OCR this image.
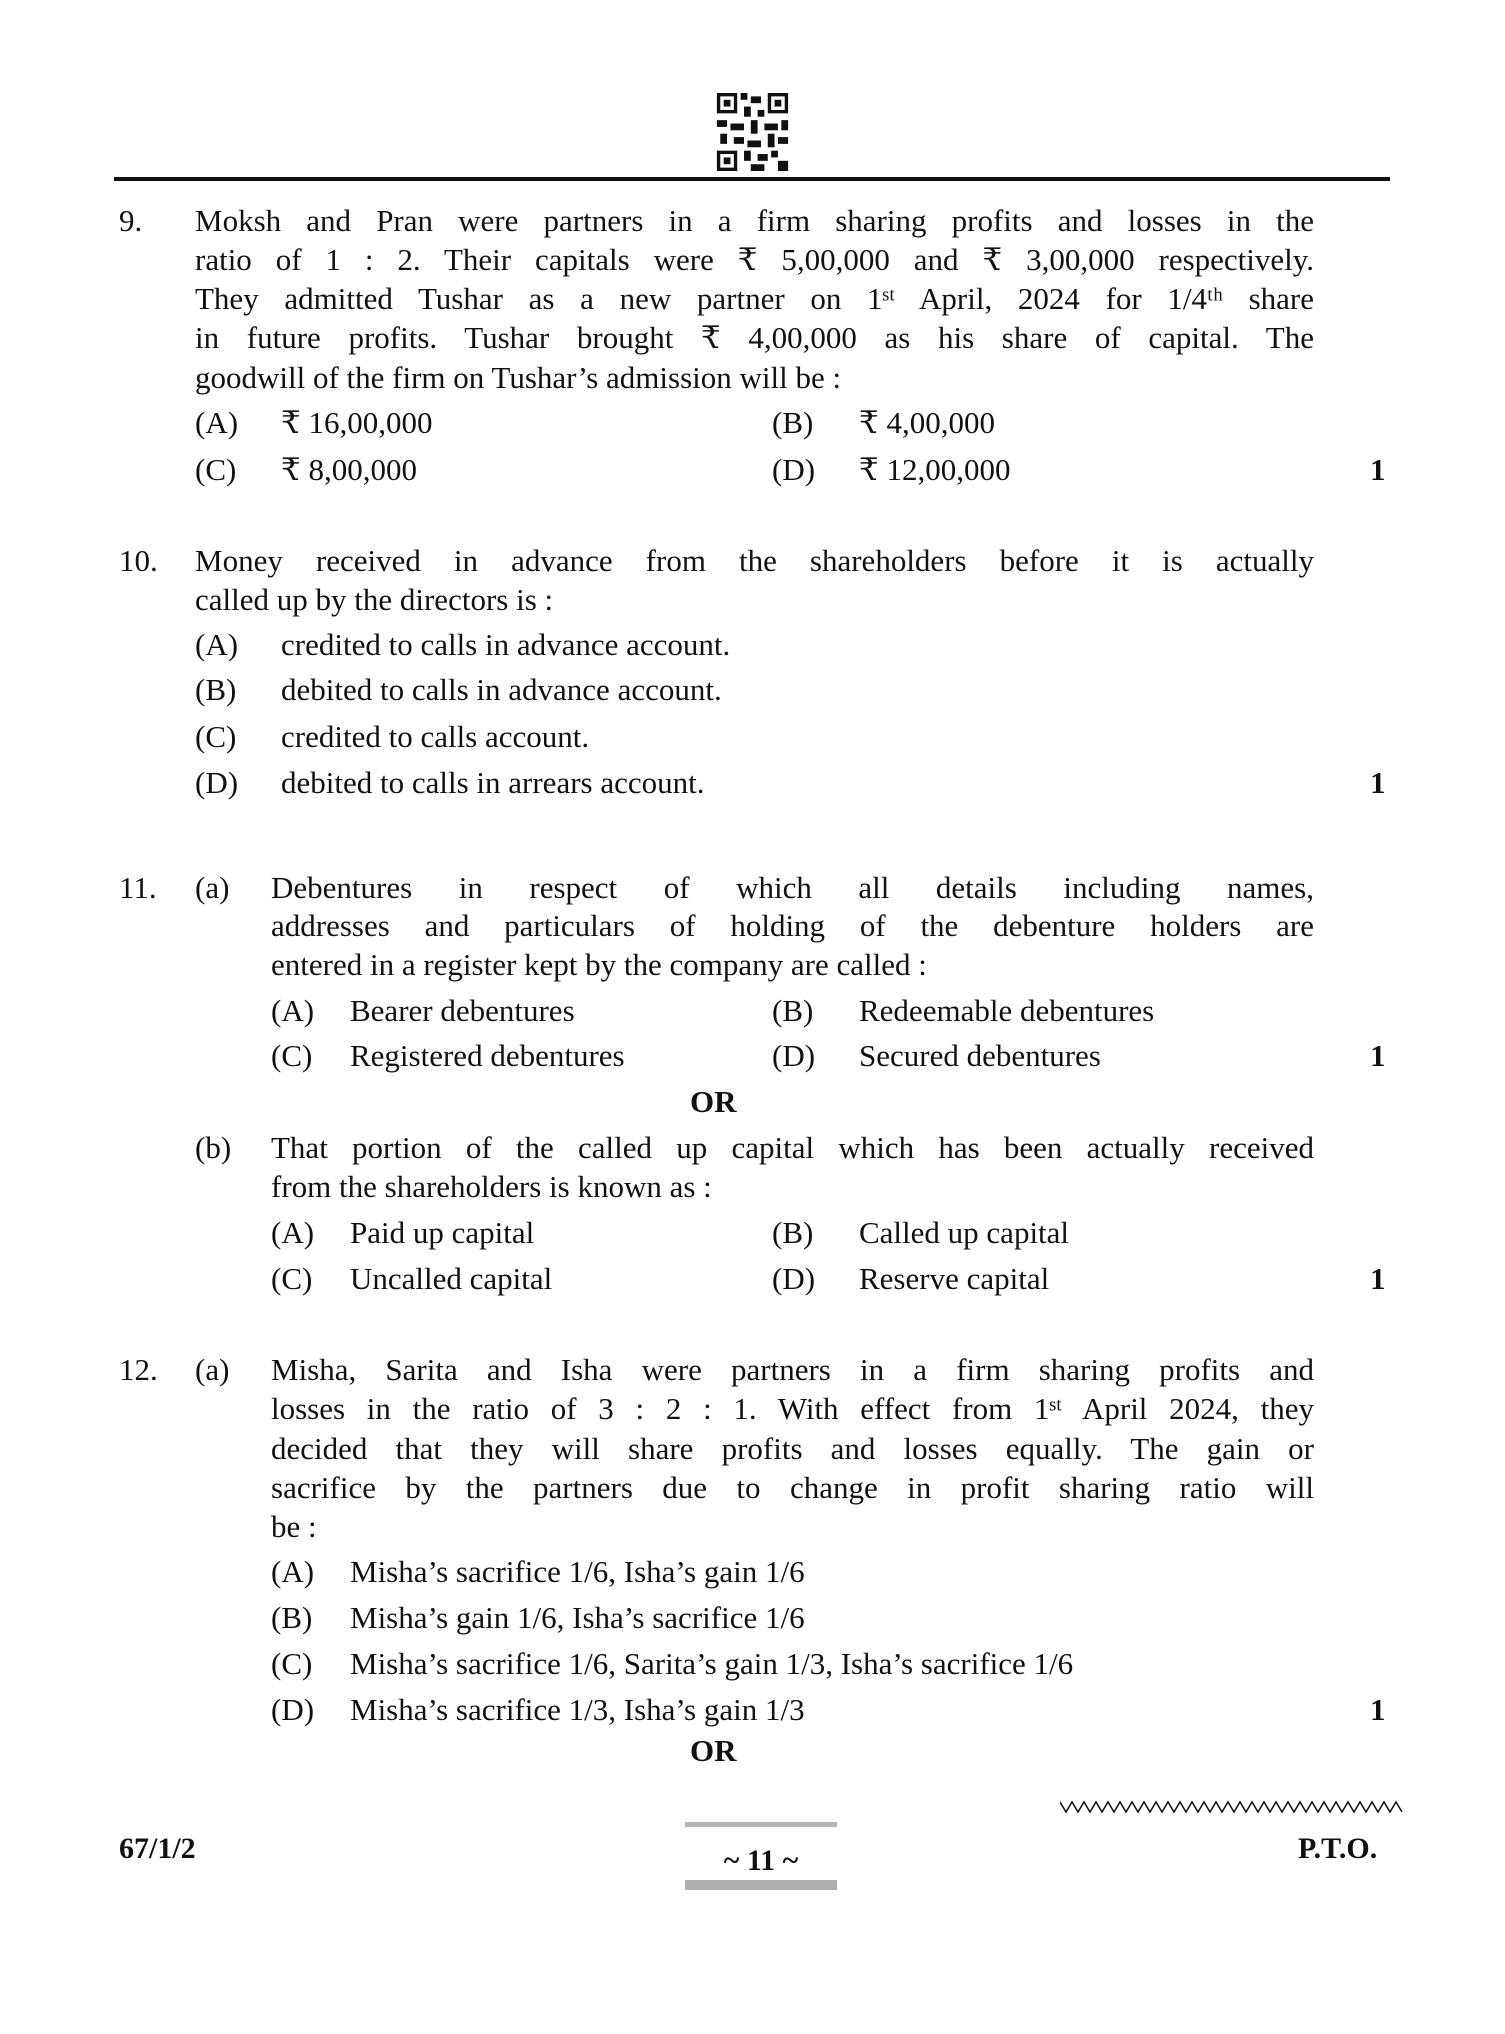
9. Moksh and Pran were partners in a firm sharing profits and losses in the
ratio of 1 : 2. Their capitals were ₹ 5,00,000 and ₹ 3,00,000 respectively.
They admitted Tushar as a new partner on 1ˢᵗ April, 2024 for 1/4ᵗʰ share
in future profits. Tushar brought ₹ 4,00,000 as his share of capital. The
goodwill of the firm on Tushar’s admission will be :
(A) ₹ 16,00,000	(B) ₹ 4,00,000
(C) ₹ 8,00,000	(D) ₹ 12,00,000	1
10. Money received in advance from the shareholders before it is actually
called up by the directors is :
(A) credited to calls in advance account.
(B) debited to calls in advance account.
(C) credited to calls account.
(D) debited to calls in arrears account.	1
11. (a) Debentures in respect of which all details including names,
addresses and particulars of holding of the debenture holders are
entered in a register kept by the company are called :
(A) Bearer debentures	(B) Redeemable debentures
(C) Registered debentures	(D) Secured debentures	1
OR
(b) That portion of the called up capital which has been actually received
from the shareholders is known as :
(A) Paid up capital	(B) Called up capital
(C) Uncalled capital	(D) Reserve capital	1
12. (a) Misha, Sarita and Isha were partners in a firm sharing profits and
losses in the ratio of 3 : 2 : 1. With effect from 1ˢᵗ April 2024, they
decided that they will share profits and losses equally. The gain or
sacrifice by the partners due to change in profit sharing ratio will
be :
(A) Misha’s sacrifice 1/6, Isha’s gain 1/6
(B) Misha’s gain 1/6, Isha’s sacrifice 1/6
(C) Misha’s sacrifice 1/6, Sarita’s gain 1/3, Isha’s sacrifice 1/6
(D) Misha’s sacrifice 1/3, Isha’s gain 1/3	1
OR
67/1/2	~ 11 ~	P.T.O.
